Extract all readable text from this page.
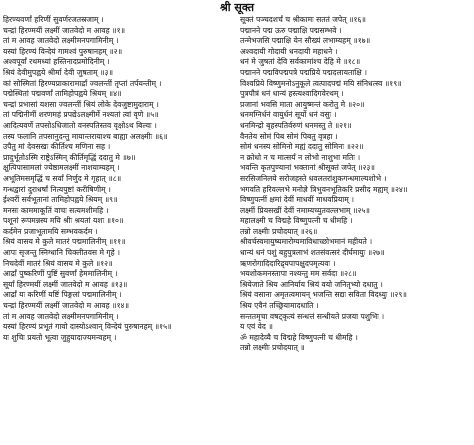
श्री सूक्त
हिरण्यवर्णां हरिणीं सुवर्णरजतस्रजाम् ।
चन्द्रां हिरण्मयीं लक्ष्मीं जातवेदो म आवह ॥१॥
तां म आवह जातवेदो लक्ष्मीमनपगामिनीम् ।
यस्यां हिरण्यं विन्देयं गामश्वं पुरुषानहम् ॥२॥
अश्वपूर्वां रथमध्यां हस्तिनादप्रमोदिनीम् ।
श्रियं देवीमुपह्वये श्रीर्मा देवी जुषताम् ॥३॥
कां सोस्मितां हिरण्यप्राकारामार्द्रां ज्वलन्तीं तृप्तां तर्पयन्तीम् ।
पद्मेस्थितां पद्मवर्णां तामिहोपह्वये श्रियम् ॥४॥
चन्द्रां प्रभासां यशसा ज्वलन्तीं श्रियं लोके देवजुष्टामुदाराम् ।
तां पद्मिनीमीं शरणमहं प्रपद्येऽलक्ष्मीर्मे नश्यतां त्वां वृणे ॥५॥
आदित्यवर्णे तपसोऽधिजातो वनस्पतिस्तव वृक्षोऽथ बिल्वः ।
तस्य फलानि तपसानुदन्तु मायान्तरायाश्च बाह्या अलक्ष्मीः ॥६॥
उपैतु मां देवसखः कीर्तिश्च मणिना सह ।
प्रादुर्भूतोऽस्मि राष्ट्रेऽस्मिन् कीर्तिमृद्धिं ददातु मे ॥७॥
क्षुत्पिपासामलां ज्येष्ठामलक्ष्मीं नाशयाम्यहम् ।
अभूतिमसमृद्धिं च सर्वां निर्णुद मे गृहात् ॥८॥
गन्धद्वारां दुराधर्षां नित्यपुष्टां करीषिणीम् ।
ईश्वरीं सर्वभूतानां तामिहोपह्वये श्रियम् ॥९॥
मनसः काममाकूतिं वाचः सत्यमशीमहि ।
पशूनां रूपमन्नस्य मयि श्रीः श्रयतां यशः ॥१०॥
कर्दमेन प्रजाभूतामयि सम्भवकर्दम ।
श्रियं वासय मे कुले मातरं पद्ममालिनीम् ॥११॥
आपः सृजन्तु स्निग्धानि चिक्लीतवस मे गृहे ।
निचदेवीं मातरं श्रियं वासय मे कुले ॥१२॥
आर्द्रां पुष्करिणीं पुष्टिं सुवर्णां हेममालिनीम् ।
सूर्यां हिरण्मयीं लक्ष्मीं जातवेदो म आवह ॥१३॥
आर्द्रां यः करिणीं यष्टिं पिङ्गलां पद्ममालिनीम् ।
चन्द्रां हिरण्मयीं लक्ष्मीं जातवेदो म आवह ॥१४॥
तां म आवह जातवेदो लक्ष्मीमनपगामिनीम् ।
यस्यां हिरण्यं प्रभूतं गावो दास्योऽश्वान् विन्देयं पुरुषानहम् ॥१५॥
यः शुचिः प्रयतो भूत्वा जुहुयादाज्यमन्वहम् ।
सूक्तं पञ्चदशर्चं च श्रीकामः सततं जपेत् ॥१६॥
पद्मानने पद्म ऊरु पद्माक्षि पद्मसम्भवे ।
तन्मेभजसि पद्माक्षि येन सौख्यं लभाम्यहम् ॥१७॥
अश्वदायी गोदायी धनदायी महाधने ।
धनं मे जुषतां देवि सर्वकामांश्च देहि मे ॥१८॥
पद्मानने पद्मविपद्मपत्रे पद्मप्रिये पद्मदलायताक्षि ।
विश्वप्रिये विष्णुमनोऽनुकूले त्वत्पादपद्मं मयि संनिधत्स्व ॥१९॥
पुत्रपौत्रं धनं धान्यं हस्त्यश्वादिगवेरथम् ।
प्रजानां भवसि माता आयुष्मन्तं करोतु मे ॥२०॥
धनमग्निर्धनं वायुर्धनं सूर्यो धनं वसुः ।
धनमिन्द्रो बृहस्पतिर्वरुणं धनमस्तु ते ॥२१॥
वैनतेय सोमं पिब सोमं पिबतु वृत्रहा ।
सोमं धनस्य सोमिनो मह्यं ददातु सोमिनः ॥२२॥
न क्रोधो न च मात्सर्यं न लोभो नाशुभा मतिः ।
भवन्ति कृतपुण्यानां भक्तानां श्रीसूक्तं जपेत् ॥२३॥
सरसिजनिलये सरोजहस्ते धवलतरांशुकगन्धमाल्यशोभे ।
भगवति हरिवल्लभे मनोज्ञे त्रिभुवनभूतिकरि प्रसीद मह्यम् ॥२४॥
विष्णुपत्नीं क्षमां देवीं माधवीं माधवप्रियाम् ।
लक्ष्मीं प्रियसखीं देवीं नमाम्यच्युतवल्लभाम् ॥२५॥
महालक्ष्मी च विद्महे विष्णुपत्नी च धीमहि ।
तन्नो लक्ष्मीः प्रचोदयात् ॥२६॥
श्रीवर्चस्वमायुष्यमारोग्यमाविधाच्छोभमानं महीयते ।
धान्यं धनं पशुं बहुपुत्रलाभं शतसंवत्सरं दीर्घमायुः ॥२७॥
ऋणरोगादिदारिद्र्यपापक्षुदपमृत्यवः ।
भयशोकमनस्तापा नश्यन्तु मम सर्वदा ॥२८॥
श्रियेजाते श्रिय आनिर्याय श्रियं वयो जनितृभ्यो दधातु ।
श्रियं वसाना अमृतत्वमायन् भजन्ति सद्यः सविता विदध्युः ॥२९॥
श्रिय एवैनं तच्छ्रियामादधाति ।
सन्ततमृचा वषट्कृत्यं सन्धत्तं सन्धीयते प्रजया पशुभिः ।
य एवं वेद ॥
ॐ महादेव्यै च विद्महे विष्णुपत्नी च धीमहि ।
तन्नो लक्ष्मीः प्रचोदयात् ॥
